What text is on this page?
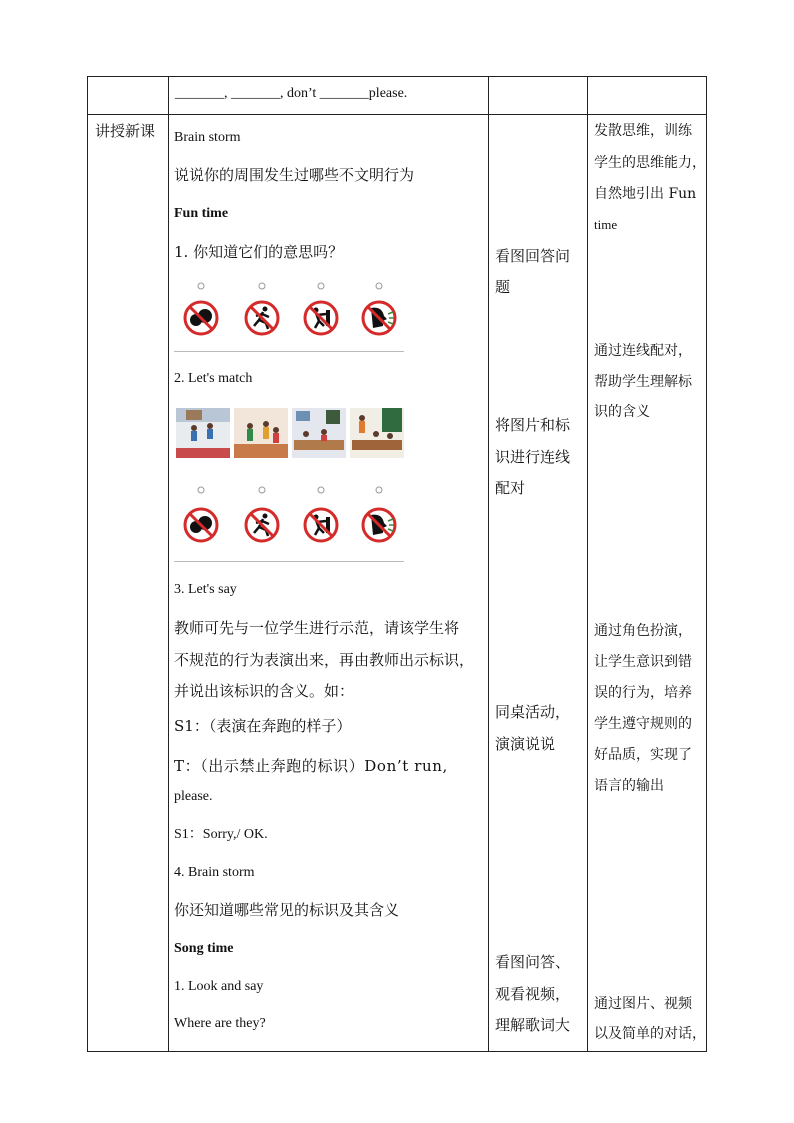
_______, _______, don’t _______please.
讲授新课 Brain storm
说说你的周围发生过哪些不文明行为
Fun time
1. 你知道它们的意思吗？
2. Let's match
3. Let's say
教师可先与一位学生进行示范，请该学生将
不规范的行为表演出来，再由教师出示标识，
并说出该标识的含义。如：
S1：（表演在奔跑的样子）
T：（出示禁止奔跑的标识）Don’t run,
please.
S1：Sorry,/ OK.
4. Brain storm
你还知道哪些常见的标识及其含义
Song time
1. Look and say
Where are they?
看图回答问
题
将图片和标
识进行连线
配对
同桌活动，
演演说说
看图问答、
观看视频，
理解歌词大
发散思维，训练
学生的思维能力，
自然地引出 Fun
time
通过连线配对，
帮助学生理解标
识的含义
通过角色扮演，
让学生意识到错
误的行为，培养
学生遵守规则的
好品质，实现了
语言的输出
通过图片、视频
以及简单的对话，
